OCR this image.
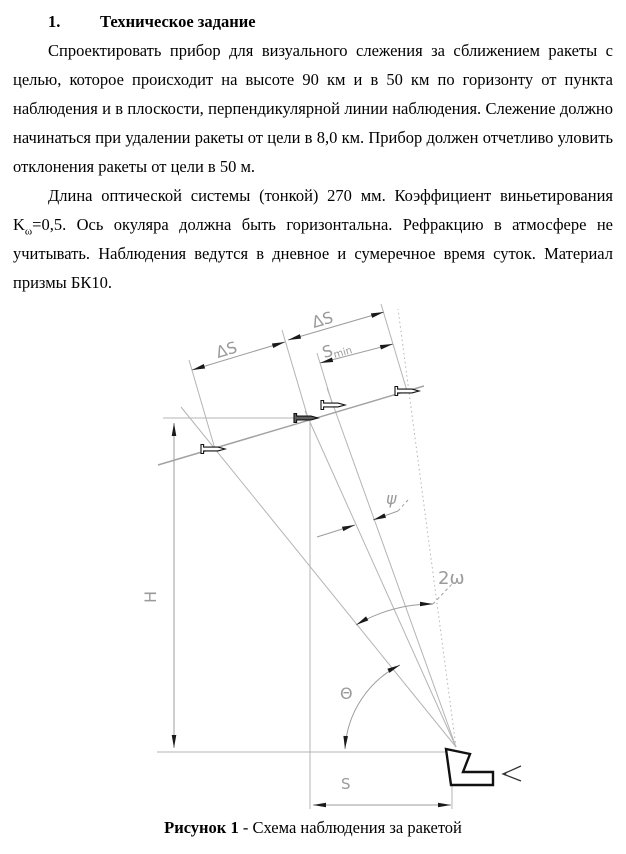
1. Техническое задание

Спроектировать прибор для визуального слежения за сближением ракеты с целью, которое происходит на высоте 90 км и в 50 км по горизонту от пункта наблюдения и в плоскости, перпендикулярной линии наблюдения. Слежение должно начинаться при удалении ракеты от цели в 8,0 км. Прибор должен отчетливо уловить отклонения ракеты от цели в 50 м.

Длина оптической системы (тонкой) 270 мм. Коэффициент виньетирования $K_\omega=0,5$. Ось окуляра должна быть горизонтальна. Рефракцию в атмосфере не учитывать. Наблюдения ведутся в дневное и сумеречное время суток. Материал призмы БК10.

ΔS
ΔS
Smin
H
ψ
2ω
Θ
S
Рисунок 1 - Схема наблюдения за ракетой
